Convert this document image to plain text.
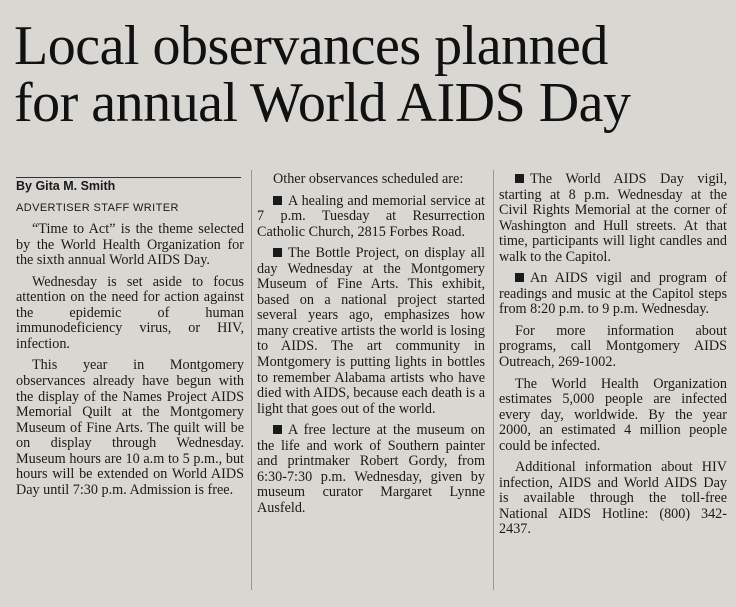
Local observances planned
for annual World AIDS Day

By Gita M. Smith

ADVERTISER STAFF WRITER

“Time to Act” is the theme selected by the World Health Organization for the sixth annual World AIDS Day.

Wednesday is set aside to focus attention on the need for action against the epidemic of human immunodeficiency virus, or HIV, infection.

This year in Montgomery observances already have begun with the display of the Names Project AIDS Memorial Quilt at the Montgomery Museum of Fine Arts. The quilt will be on display through Wednesday. Museum hours are 10 a.m to 5 p.m., but hours will be extended on World AIDS Day until 7:30 p.m. Admission is free.

Other observances scheduled are:

A healing and memorial service at 7 p.m. Tuesday at Resurrection Catholic Church, 2815 Forbes Road.

The Bottle Project, on display all day Wednesday at the Montgomery Museum of Fine Arts. This exhibit, based on a national project started several years ago, emphasizes how many creative artists the world is losing to AIDS. The art community in Montgomery is putting lights in bottles to remember Alabama artists who have died with AIDS, because each death is a light that goes out of the world.

A free lecture at the museum on the life and work of Southern painter and printmaker Robert Gordy, from 6:30-7:30 p.m. Wednesday, given by museum curator Margaret Lynne Ausfeld.

The World AIDS Day vigil, starting at 8 p.m. Wednesday at the Civil Rights Memorial at the corner of Washington and Hull streets. At that time, participants will light candles and walk to the Capitol.

An AIDS vigil and program of readings and music at the Capitol steps from 8:20 p.m. to 9 p.m. Wednesday.

For more information about programs, call Montgomery AIDS Outreach, 269-1002.

The World Health Organization estimates 5,000 people are infected every day, worldwide. By the year 2000, an estimated 4 million people could be infected.

Additional information about HIV infection, AIDS and World AIDS Day is available through the toll-free National AIDS Hotline: (800) 342-2437.
